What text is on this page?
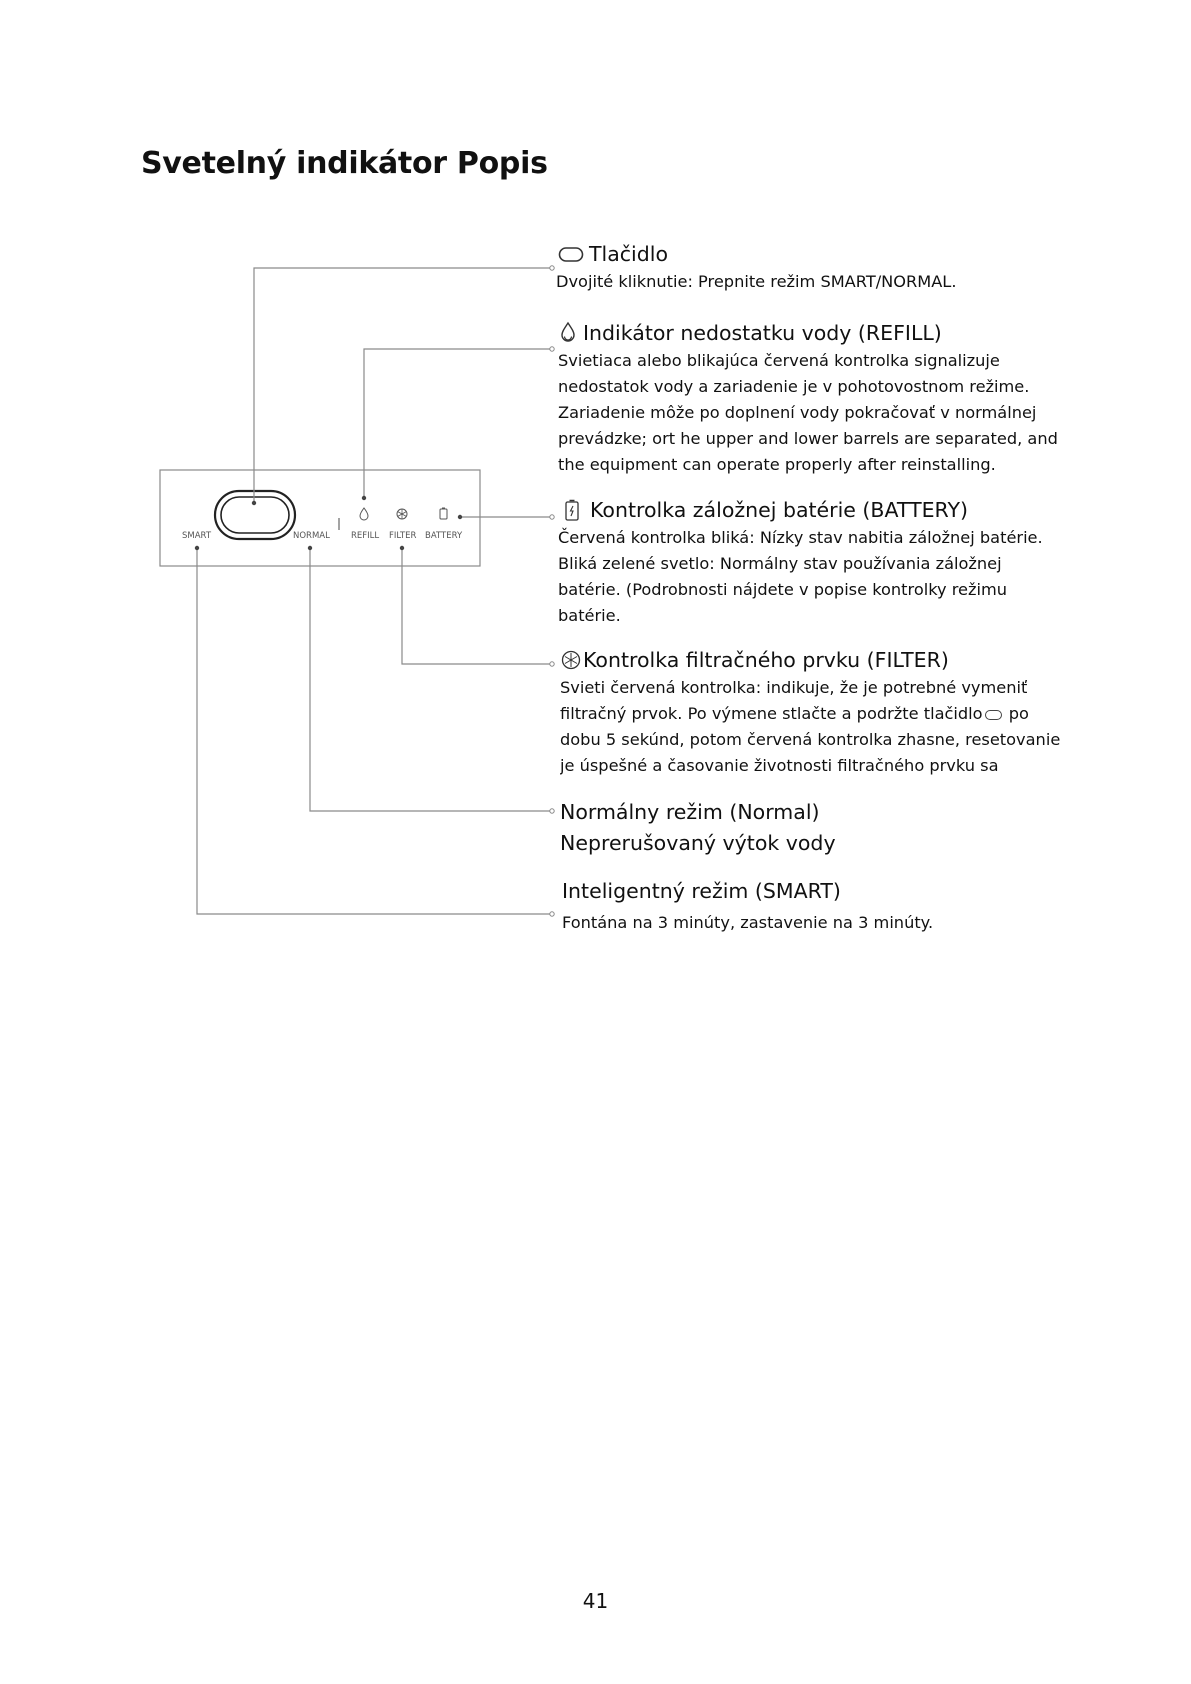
Svetelný indikátor Popis
SMART	NORMAL REFILL FILTER BATTERY
Tlačidlo
Dvojité kliknutie: Prepnite režim SMART/NORMAL.
Indikátor nedostatku vody (REFILL)
Svietiaca alebo blikajúca červená kontrolka signalizuje
nedostatok vody a zariadenie je v pohotovostnom režime.
Zariadenie môže po doplnení vody pokračovať v normálnej
prevádzke; ort he upper and lower barrels are separated, and
the equipment can operate properly after reinstalling.
Kontrolka záložnej batérie (BATTERY)
Červená kontrolka bliká: Nízky stav nabitia záložnej batérie.
Bliká zelené svetlo: Normálny stav používania záložnej
batérie. (Podrobnosti nájdete v popise kontrolky režimu
batérie.
Kontrolka filtračného prvku (FILTER)
Svieti červená kontrolka: indikuje, že je potrebné vymeniť
filtračný prvok. Po výmene stlačte a podržte tlačidlo po
dobu 5 sekúnd, potom červená kontrolka zhasne, resetovanie
je úspešné a časovanie životnosti filtračného prvku sa
Normálny režim (Normal)
Neprerušovaný výtok vody
Inteligentný režim (SMART)
Fontána na 3 minúty, zastavenie na 3 minúty.
41
